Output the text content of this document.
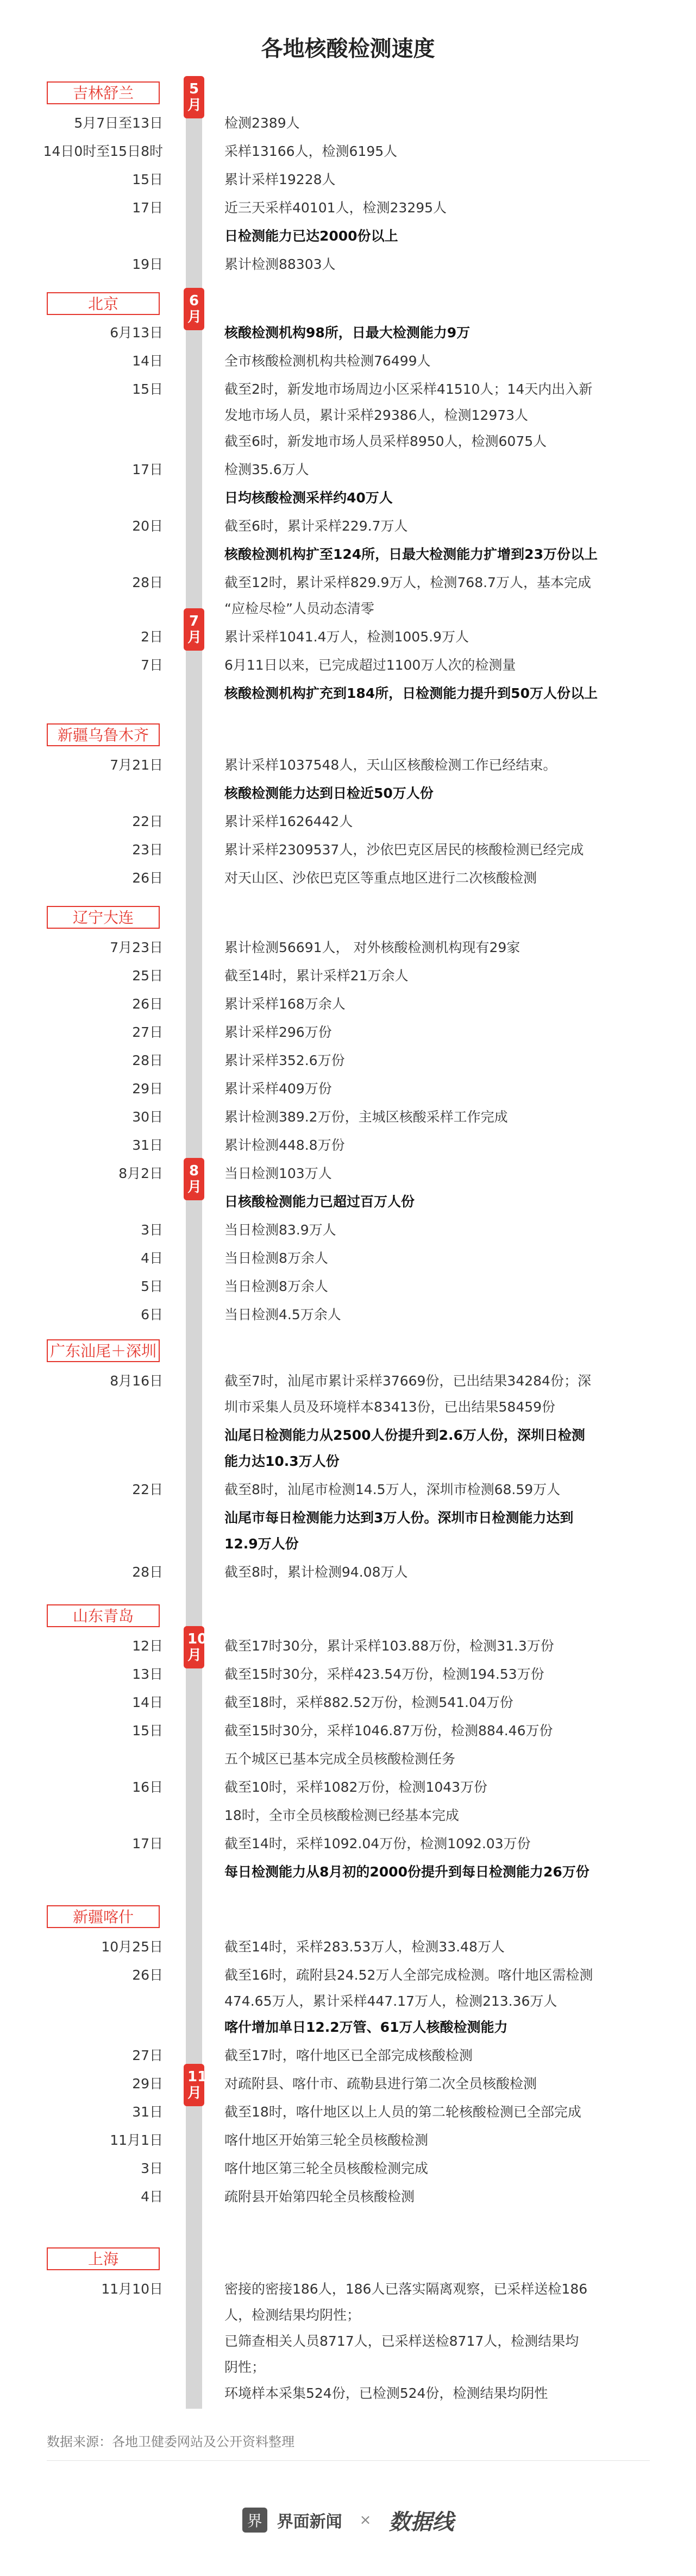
各地核酸检测速度
吉林舒兰
北京
新疆乌鲁木齐
辽宁大连
广东汕尾＋深圳
山东青岛
新疆喀什
上海
5月
6月
7月
8月
10月
11月
5月7日至13日	检测2389人
14日0时至15日8时	采样13166人，检测6195人
15日	累计采样19228人
17日	近三天采样40101人，检测23295人
日检测能力已达2000份以上
19日	累计检测88303人
6月13日	核酸检测机构98所，日最大检测能力9万
14日	全市核酸检测机构共检测76499人
15日	截至2时，新发地市场周边小区采样41510人；14天内出入新
发地市场人员，累计采样29386人，检测12973人
截至6时，新发地市场人员采样8950人，检测6075人
17日	检测35.6万人
日均核酸检测采样约40万人
20日	截至6时，累计采样229.7万人
核酸检测机构扩至124所，日最大检测能力扩增到23万份以上
28日	截至12时，累计采样829.9万人，检测768.7万人，基本完成
“应检尽检”人员动态清零
2日	累计采样1041.4万人，检测1005.9万人
7日	6月11日以来，已完成超过1100万人次的检测量
核酸检测机构扩充到184所，日检测能力提升到50万人份以上
7月21日	累计采样1037548人，天山区核酸检测工作已经结束。
核酸检测能力达到日检近50万人份
22日	累计采样1626442人
23日	累计采样2309537人，沙依巴克区居民的核酸检测已经完成
26日	对天山区、沙依巴克区等重点地区进行二次核酸检测
7月23日	累计检测56691人， 对外核酸检测机构现有29家
25日	截至14时，累计采样21万余人
26日	累计采样168万余人
27日	累计采样296万份
28日	累计采样352.6万份
29日	累计采样409万份
30日	累计检测389.2万份，主城区核酸采样工作完成
31日	累计检测448.8万份
8月2日	当日检测103万人
日核酸检测能力已超过百万人份
3日	当日检测83.9万人
4日	当日检测8万余人
5日	当日检测8万余人
6日	当日检测4.5万余人
8月16日	截至7时，汕尾市累计采样37669份，已出结果34284份；深
圳市采集人员及环境样本83413份，已出结果58459份
汕尾日检测能力从2500人份提升到2.6万人份，深圳日检测
能力达10.3万人份
22日	截至8时，汕尾市检测14.5万人，深圳市检测68.59万人
汕尾市每日检测能力达到3万人份。深圳市日检测能力达到
12.9万人份
28日	截至8时，累计检测94.08万人
12日	截至17时30分，累计采样103.88万份，检测31.3万份
13日	截至15时30分，采样423.54万份，检测194.53万份
14日	截至18时，采样882.52万份，检测541.04万份
15日	截至15时30分，采样1046.87万份，检测884.46万份
五个城区已基本完成全员核酸检测任务
16日	截至10时，采样1082万份，检测1043万份
18时，全市全员核酸检测已经基本完成
17日	截至14时，采样1092.04万份，检测1092.03万份
每日检测能力从8月初的2000份提升到每日检测能力26万份
10月25日	截至14时，采样283.53万人，检测33.48万人
26日	截至16时，疏附县24.52万人全部完成检测。喀什地区需检测
474.65万人，累计采样447.17万人，检测213.36万人
喀什增加单日12.2万管、61万人核酸检测能力
27日	截至17时，喀什地区已全部完成核酸检测
29日	对疏附县、喀什市、疏勒县进行第二次全员核酸检测
31日	截至18时，喀什地区以上人员的第二轮核酸检测已全部完成
11月1日	喀什地区开始第三轮全员核酸检测
3日	喀什地区第三轮全员核酸检测完成
4日	疏附县开始第四轮全员核酸检测
11月10日	密接的密接186人，186人已落实隔离观察，已采样送检186
人，检测结果均阴性；
已筛查相关人员8717人，已采样送检8717人，检测结果均
阴性；
环境样本采集524份，已检测524份，检测结果均阴性
数据来源：各地卫健委网站及公开资料整理
界 界面新闻 × 数据线
